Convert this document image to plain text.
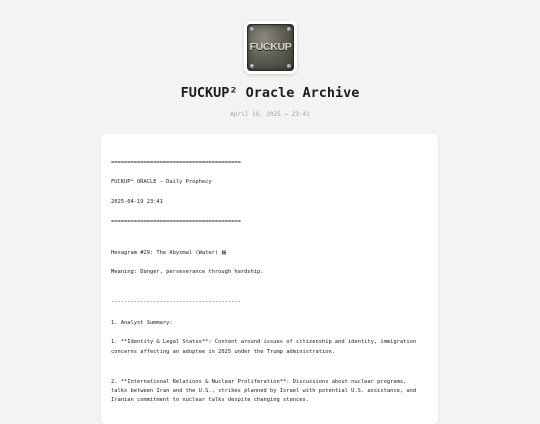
FUCKUP
FUCKUP² Oracle Archive
April 19, 2025 — 23:41
========================================
FUCKUP² ORACLE — Daily Prophecy
2025-04-19 23:41
========================================
Hexagram #29: The Abysmal (Water) ䷜
Meaning: Danger, perseverance through hardship.
----------------------------------------
1. Analyst Summary:
1. **Identity & Legal Status**: Content around issues of citizenship and identity, immigration
concerns affecting an adoptee in 2025 under the Trump administration.
2. **International Relations & Nuclear Proliferation**: Discussions about nuclear programs,
talks between Iran and the U.S., strikes planned by Israel with potential U.S. assistance, and
Iranian commitment to nuclear talks despite changing stances.
